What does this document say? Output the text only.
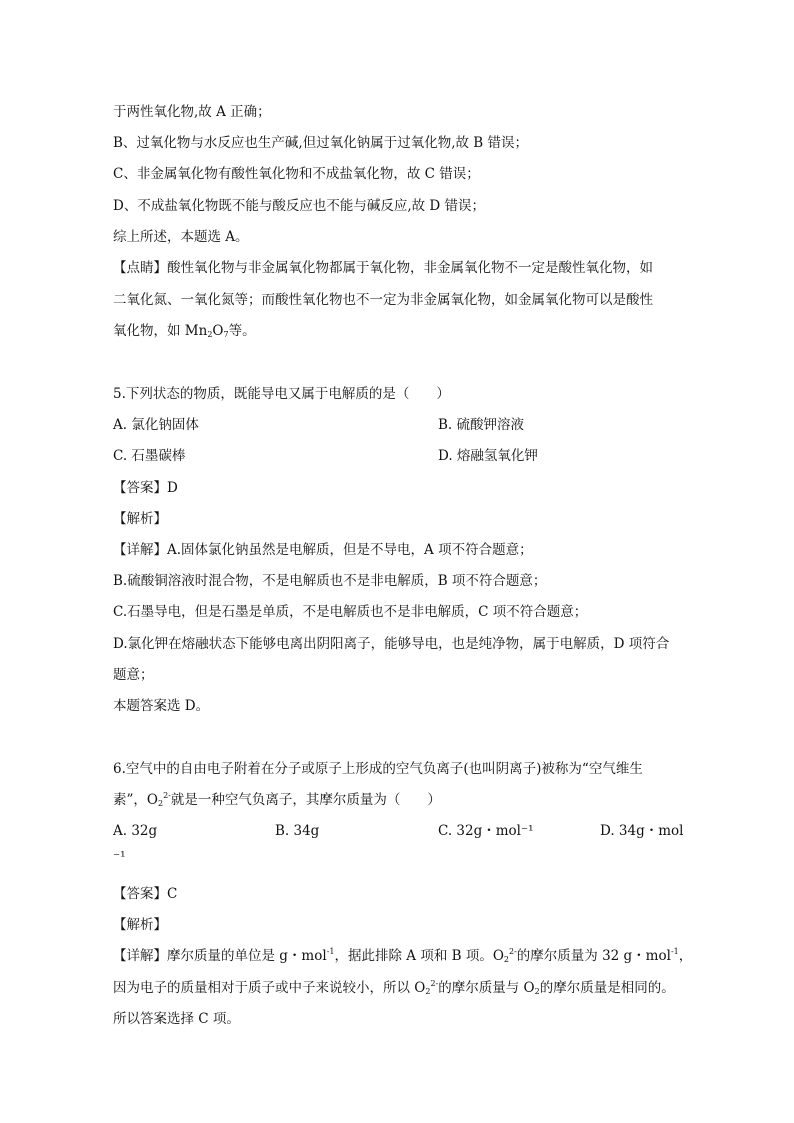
于两性氧化物,故 A 正确；
B、过氧化物与水反应也生产碱,但过氧化钠属于过氧化物,故 B 错误；
C、非金属氧化物有酸性氧化物和不成盐氧化物，故 C 错误；
D、不成盐氧化物既不能与酸反应也不能与碱反应,故 D 错误；
综上所述，本题选 A。
【点睛】酸性氧化物与非金属氧化物都属于氧化物，非金属氧化物不一定是酸性氧化物，如
二氧化氮、一氧化氮等；而酸性氧化物也不一定为非金属氧化物，如金属氧化物可以是酸性
氧化物，如 $Mn_2O_7$等。
5.下列状态的物质，既能导电又属于电解质的是（　　）
A. 氯化钠固体	B. 硫酸钾溶液
C. 石墨碳棒	D. 熔融氢氧化钾
【答案】D
【解析】
【详解】A.固体氯化钠虽然是电解质，但是不导电，A 项不符合题意；
B.硫酸铜溶液时混合物，不是电解质也不是非电解质，B 项不符合题意；
C.石墨导电，但是石墨是单质，不是电解质也不是非电解质，C 项不符合题意；
D.氯化钾在熔融状态下能够电离出阴阳离子，能够导电，也是纯净物，属于电解质，D 项符合
题意；
本题答案选 D。
6.空气中的自由电子附着在分子或原子上形成的空气负离子(也叫阴离子)被称为“空气维生
素”，$O_2^{2-}$就是一种空气负离子，其摩尔质量为（　　）
A. 32g	B. 34g	C. 32g・mol⁻¹	D. 34g・mol
⁻¹
【答案】C
【解析】
【详解】摩尔质量的单位是 g・mol$^{-1}$，据此排除 A 项和 B 项。$O_2^{2-}$的摩尔质量为 32 g・mol$^{-1}$，
因为电子的质量相对于质子或中子来说较小，所以 $O_2^{2-}$的摩尔质量与 $O_2$的摩尔质量是相同的。
所以答案选择 C 项。
